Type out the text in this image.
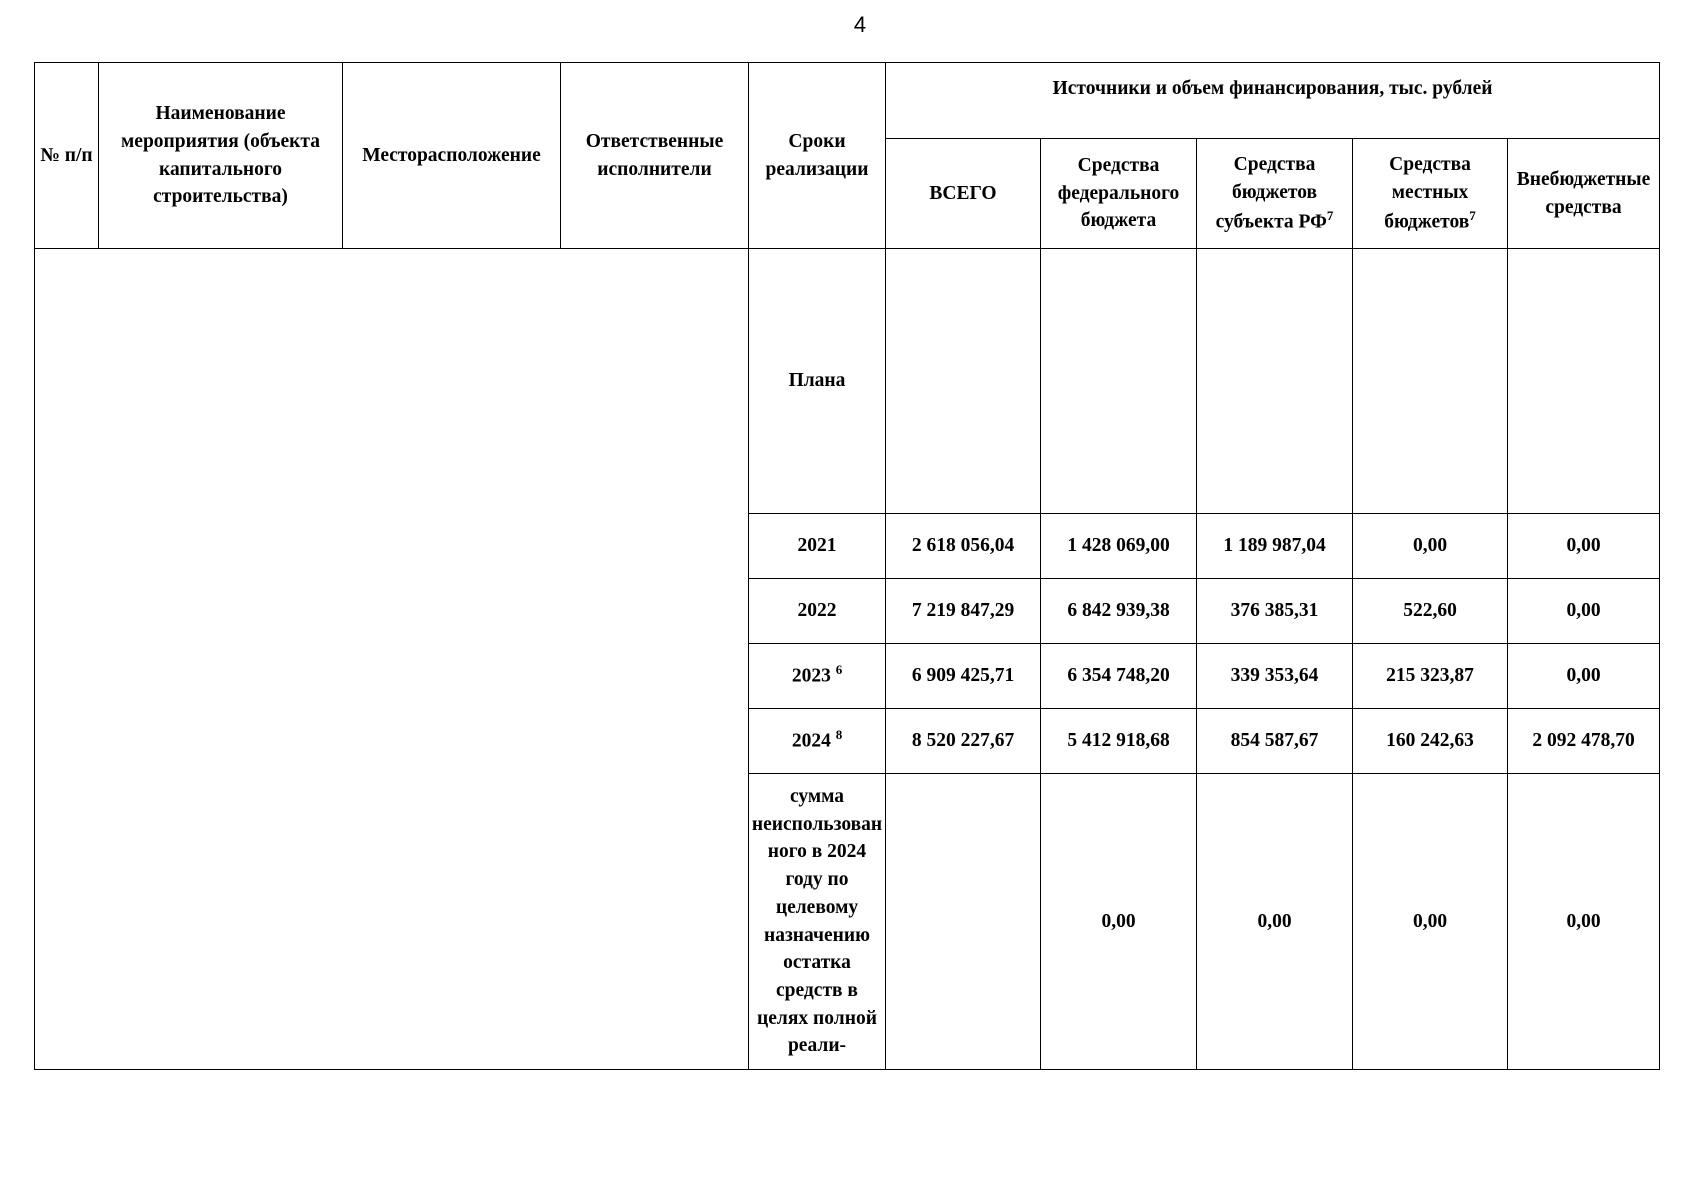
4
№ п/п	Наименование мероприятия (объекта капитального строительства)	Месторасположение	Ответственные исполнители	Сроки реализации	Источники и объем финансирования, тыс. рублей				
					ВСЕГО	Средства федерального бюджета	Средства бюджетов субъекта $РФ^7$	Средства местных бюджетов$^7$	Внебюджетные средства
				Плана					
				2021	2 618 056,04	1 428 069,00	1 189 987,04	0,00	0,00
				2022	7 219 847,29	6 842 939,38	376 385,31	522,60	0,00
				2023 $^6$	6 909 425,71	6 354 748,20	339 353,64	215 323,87	0,00
				2024 $^8$	8 520 227,67	5 412 918,68	854 587,67	160 242,63	2 092 478,70
				сумма неиспользованного в 2024 году по целевому назначению остатка средств в целях полной реали-		0,00	0,00	0,00	0,00
